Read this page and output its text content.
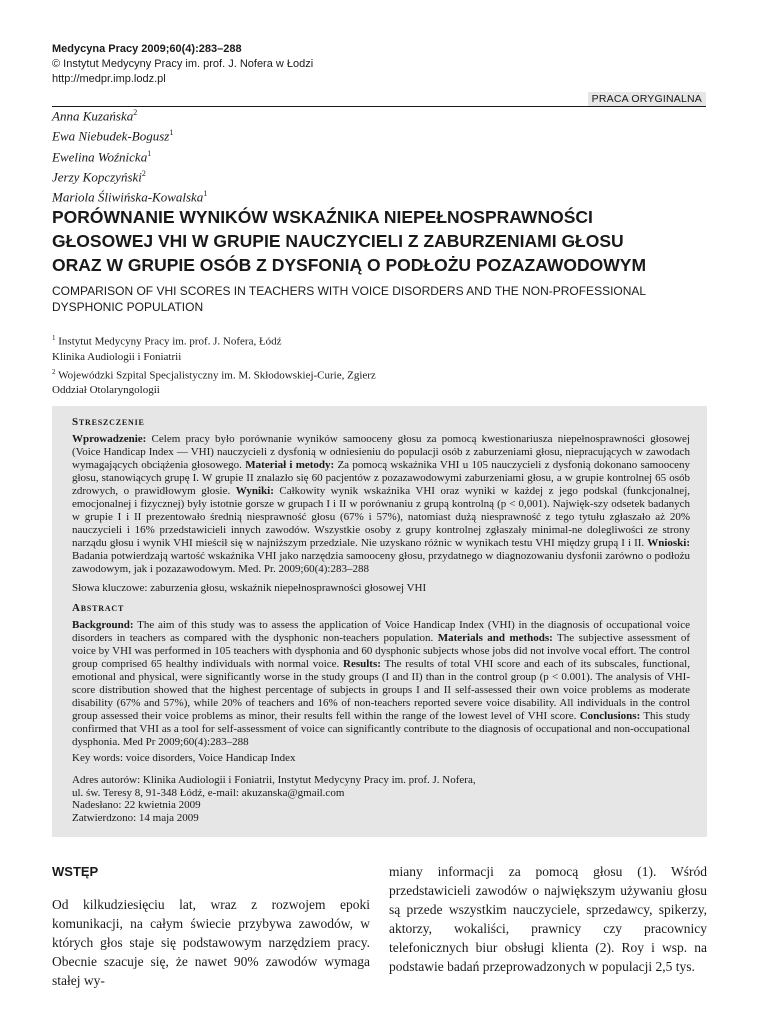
Medycyna Pracy 2009;60(4):283–288
© Instytut Medycyny Pracy im. prof. J. Nofera w Łodzi
http://medpr.imp.lodz.pl
PRACA ORYGINALNA
Anna Kuzańska$^2$
Ewa Niebudek-Bogusz$^1$
Ewelina Woźnicka$^1$
Jerzy Kopczyński$^2$
Mariola Śliwińska-Kowalska$^1$
PORÓWNANIE WYNIKÓW WSKAŹNIKA NIEPEŁNOSPRAWNOŚCI
GŁOSOWEJ VHI W GRUPIE NAUCZYCIELI Z ZABURZENIAMI GŁOSU
ORAZ W GRUPIE OSÓB Z DYSFONIĄ O PODŁOŻU POZAZAWODOWYM
COMPARISON OF VHI SCORES IN TEACHERS WITH VOICE DISORDERS AND THE NON-PROFESSIONAL
DYSPHONIC POPULATION
$^1$ Instytut Medycyny Pracy im. prof. J. Nofera, Łódź
Klinika Audiologii i Foniatrii
$^2$ Wojewódzki Szpital Specjalistyczny im. M. Skłodowskiej-Curie, Zgierz
Oddział Otolaryngologii
Streszczenie
Wprowadzenie: Celem pracy było porównanie wyników samooceny głosu za pomocą kwestionariusza niepełnosprawności głosowej (Voice Handicap Index — VHI) nauczycieli z dysfonią w odniesieniu do populacji osób z zaburzeniami głosu, niepracujących w zawodach wymagających obciążenia głosowego. Materiał i metody: Za pomocą wskaźnika VHI u 105 nauczycieli z dysfonią dokonano samooceny głosu, stanowiących grupę I. W grupie II znalazło się 60 pacjentów z pozazawodowymi zaburzeniami głosu, a w grupie kontrolnej 65 osób zdrowych, o prawidłowym głosie. Wyniki: Całkowity wynik wskaźnika VHI oraz wyniki w każdej z jego podskal (funkcjonalnej, emocjonalnej i fizycznej) były istotnie gorsze w grupach I i II w porównaniu z grupą kontrolną (p < 0,001). Najwięk-szy odsetek badanych w grupie I i II prezentowało średnią niesprawność głosu (67% i 57%), natomiast dużą niesprawność z tego tytułu zgłaszało aż 20% nauczycieli i 16% przedstawicieli innych zawodów. Wszystkie osoby z grupy kontrolnej zgłaszały minimal-ne dolegliwości ze strony narządu głosu i wynik VHI mieścił się w najniższym przedziale. Nie uzyskano różnic w wynikach testu VHI między grupą I i II. Wnioski: Badania potwierdzają wartość wskaźnika VHI jako narzędzia samooceny głosu, przydatnego w diagnozowaniu dysfonii zarówno o podłożu zawodowym, jak i pozazawodowym. Med. Pr. 2009;60(4):283–288
Słowa kluczowe: zaburzenia głosu, wskaźnik niepełnosprawności głosowej VHI
Abstract
Background: The aim of this study was to assess the application of Voice Handicap Index (VHI) in the diagnosis of occupational voice disorders in teachers as compared with the dysphonic non-teachers population. Materials and methods: The subjective assessment of voice by VHI was performed in 105 teachers with dysphonia and 60 dysphonic subjects whose jobs did not involve vocal effort. The control group comprised 65 healthy individuals with normal voice. Results: The results of total VHI score and each of its subscales, functional, emotional and physical, were significantly worse in the study groups (I and II) than in the control group (p < 0.001). The analysis of VHI-score distribution showed that the highest percentage of subjects in groups I and II self-assessed their own voice problems as moderate disability (67% and 57%), while 20% of teachers and 16% of non-teachers reported severe voice disability. All individuals in the control group assessed their voice problems as minor, their results fell within the range of the lowest level of VHI score. Conclusions: This study confirmed that VHI as a tool for self-assessment of voice can significantly contribute to the diagnosis of occupational and non-occupational dysphonia. Med Pr 2009;60(4):283–288
Key words: voice disorders, Voice Handicap Index
Adres autorów: Klinika Audiologii i Foniatrii, Instytut Medycyny Pracy im. prof. J. Nofera,
ul. św. Teresy 8, 91-348 Łódź, e-mail: akuzanska@gmail.com
Nadesłano: 22 kwietnia 2009
Zatwierdzono: 14 maja 2009
WSTĘP
Od kilkudziesięciu lat, wraz z rozwojem epoki komunikacji, na całym świecie przybywa zawodów, w których głos staje się podstawowym narzędziem pracy. Obecnie szacuje się, że nawet 90% zawodów wymaga stałej wy-
miany informacji za pomocą głosu (1). Wśród przedstawicieli zawodów o największym używaniu głosu są przede wszystkim nauczyciele, sprzedawcy, spikerzy, aktorzy, wokaliści, prawnicy czy pracownicy telefonicznych biur obsługi klienta (2). Roy i wsp. na podstawie badań przeprowadzonych w populacji 2,5 tys.
